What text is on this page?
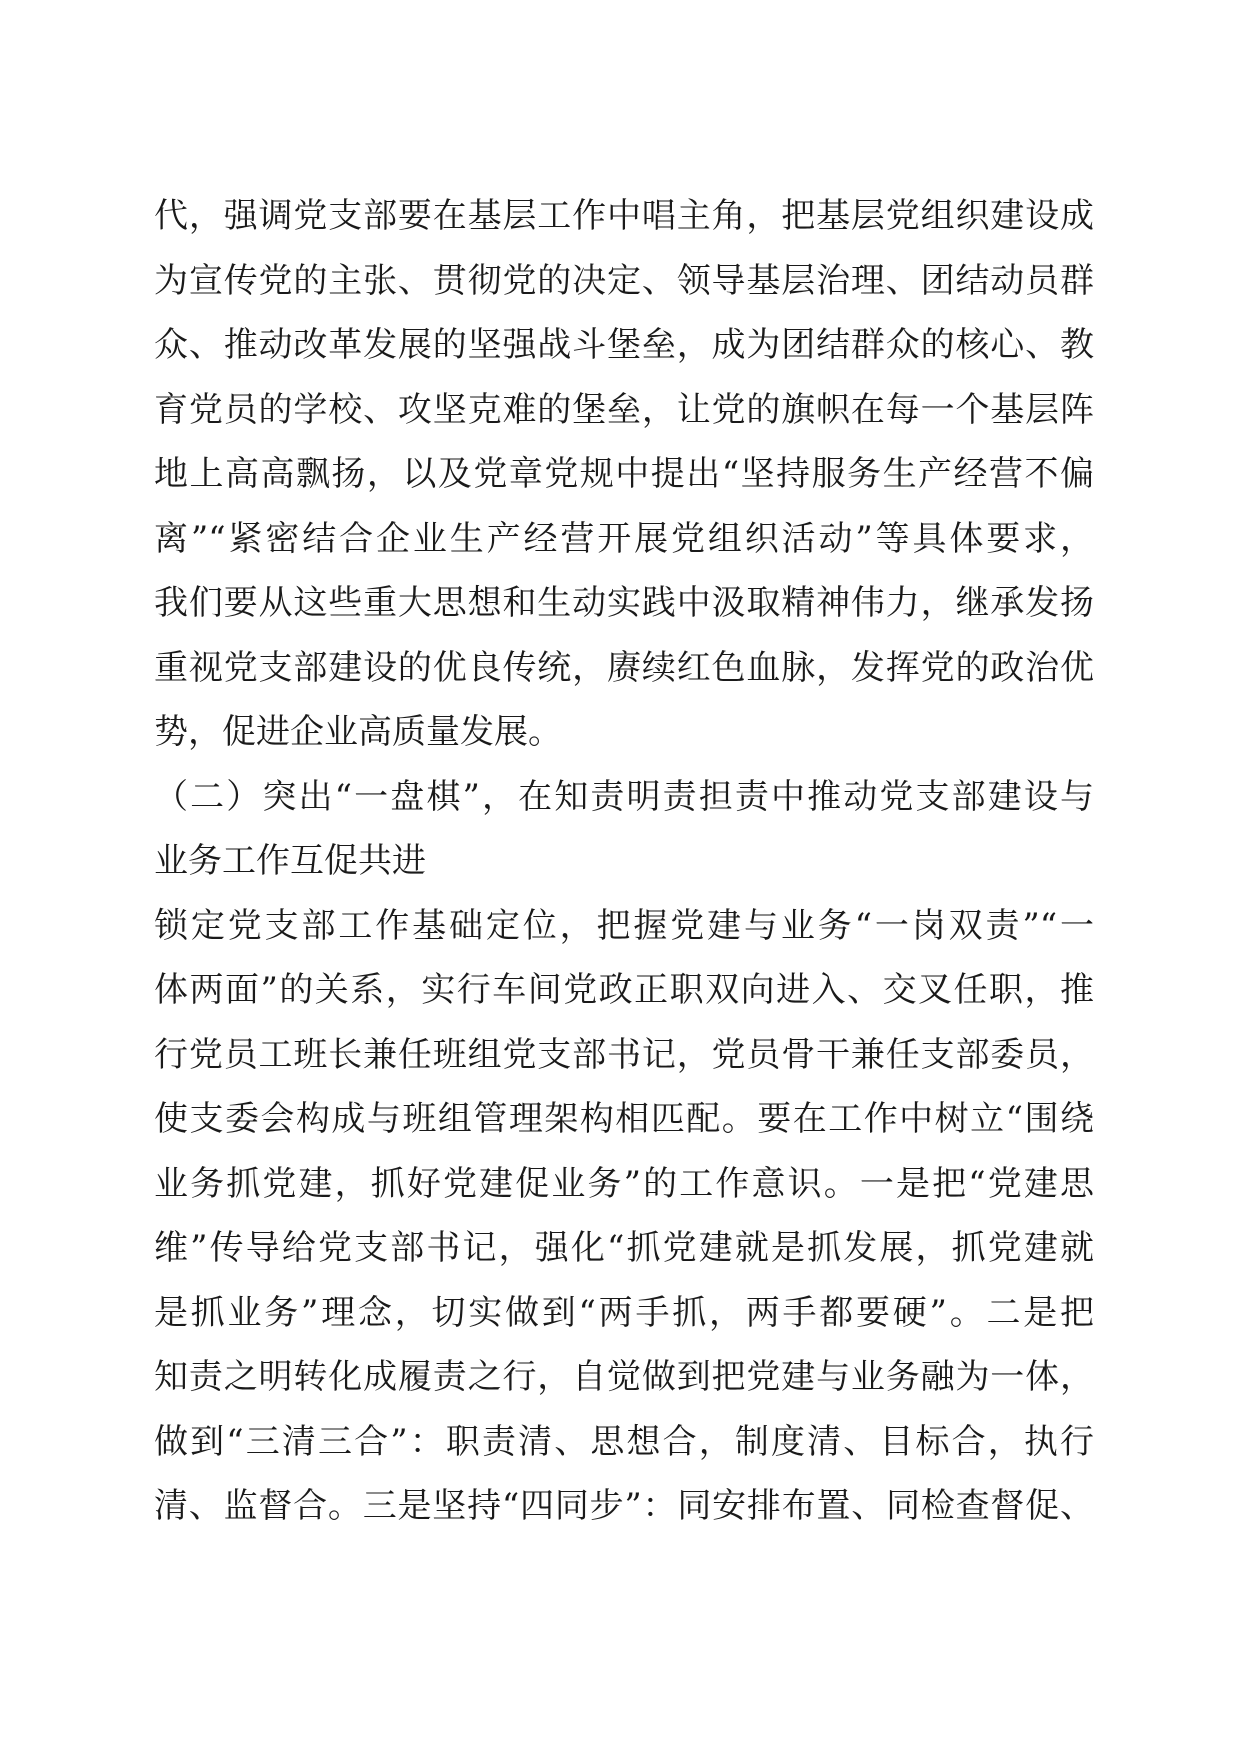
代，强调党支部要在基层工作中唱主角，把基层党组织建设成
为宣传党的主张、贯彻党的决定、领导基层治理、团结动员群
众、推动改革发展的坚强战斗堡垒，成为团结群众的核心、教
育党员的学校、攻坚克难的堡垒，让党的旗帜在每一个基层阵
地上高高飘扬，以及党章党规中提出“坚持服务生产经营不偏
离”“紧密结合企业生产经营开展党组织活动”等具体要求，
我们要从这些重大思想和生动实践中汲取精神伟力，继承发扬
重视党支部建设的优良传统，赓续红色血脉，发挥党的政治优
势，促进企业高质量发展。
（二）突出“一盘棋”，在知责明责担责中推动党支部建设与
业务工作互促共进
锁定党支部工作基础定位，把握党建与业务“一岗双责”“一
体两面”的关系，实行车间党政正职双向进入、交叉任职，推
行党员工班长兼任班组党支部书记，党员骨干兼任支部委员，
使支委会构成与班组管理架构相匹配。要在工作中树立“围绕
业务抓党建，抓好党建促业务”的工作意识。一是把“党建思
维”传导给党支部书记，强化“抓党建就是抓发展，抓党建就
是抓业务”理念，切实做到“两手抓，两手都要硬”。二是把
知责之明转化成履责之行，自觉做到把党建与业务融为一体，
做到“三清三合”：职责清、思想合，制度清、目标合，执行
清、监督合。三是坚持“四同步”：同安排布置、同检查督促、
